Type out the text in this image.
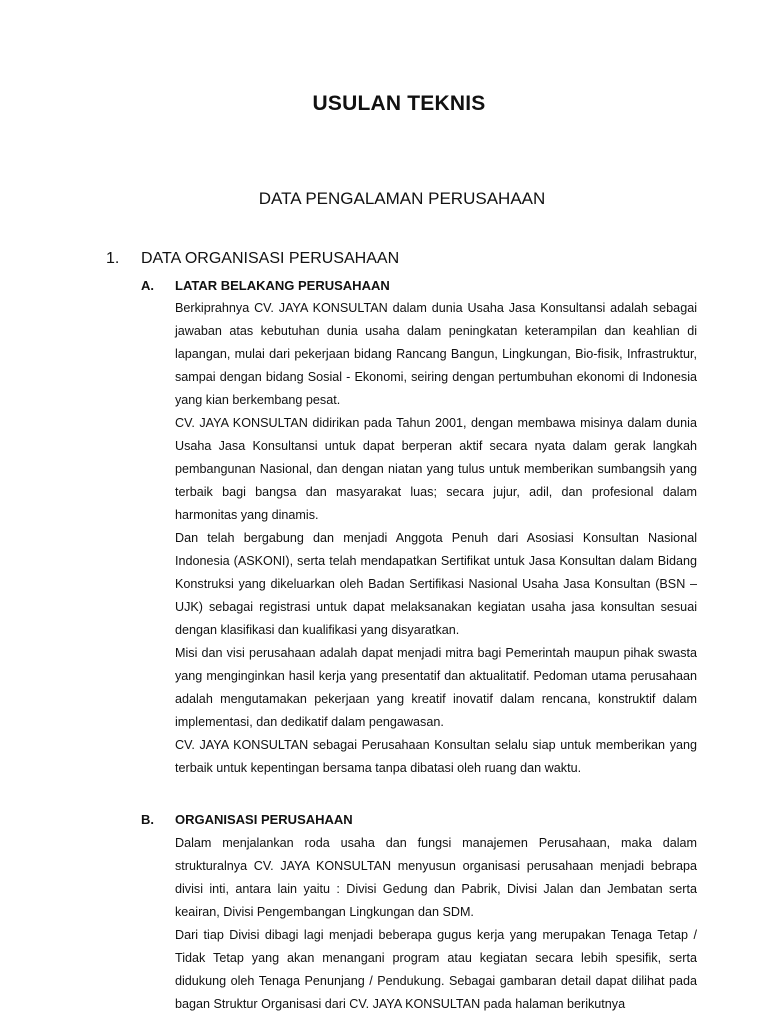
USULAN TEKNIS
DATA PENGALAMAN PERUSAHAAN
1. DATA ORGANISASI PERUSAHAAN
A. LATAR BELAKANG PERUSAHAAN

Berkiprahnya CV. JAYA KONSULTAN dalam dunia Usaha Jasa Konsultansi adalah sebagai jawaban atas kebutuhan dunia usaha dalam peningkatan keterampilan dan keahlian di lapangan, mulai dari pekerjaan bidang Rancang Bangun, Lingkungan, Bio-fisik, Infrastruktur, sampai dengan bidang Sosial - Ekonomi, seiring dengan pertumbuhan ekonomi di Indonesia yang kian berkembang pesat.

CV. JAYA KONSULTAN didirikan pada Tahun 2001, dengan membawa misinya dalam dunia Usaha Jasa Konsultansi untuk dapat berperan aktif secara nyata dalam gerak langkah pembangunan Nasional, dan dengan niatan yang tulus untuk memberikan sumbangsih yang terbaik bagi bangsa dan masyarakat luas; secara jujur, adil, dan profesional dalam harmonitas yang dinamis.

Dan telah bergabung dan menjadi Anggota Penuh dari Asosiasi Konsultan Nasional Indonesia (ASKONI), serta telah mendapatkan Sertifikat untuk Jasa Konsultan dalam Bidang Konstruksi yang dikeluarkan oleh Badan Sertifikasi Nasional Usaha Jasa Konsultan (BSN – UJK) sebagai registrasi untuk dapat melaksanakan kegiatan usaha jasa konsultan sesuai dengan klasifikasi dan kualifikasi yang disyaratkan.

Misi dan visi perusahaan adalah dapat menjadi mitra bagi Pemerintah maupun pihak swasta yang menginginkan hasil kerja yang presentatif dan aktualitatif. Pedoman utama perusahaan adalah mengutamakan pekerjaan yang kreatif inovatif dalam rencana, konstruktif dalam implementasi, dan dedikatif dalam pengawasan.

CV. JAYA KONSULTAN sebagai Perusahaan Konsultan selalu siap untuk memberikan yang terbaik untuk kepentingan bersama tanpa dibatasi oleh ruang dan waktu.

B. ORGANISASI PERUSAHAAN

Dalam menjalankan roda usaha dan fungsi manajemen Perusahaan, maka dalam strukturalnya CV. JAYA KONSULTAN menyusun organisasi perusahaan menjadi bebrapa divisi inti, antara lain yaitu : Divisi Gedung dan Pabrik, Divisi Jalan dan Jembatan serta keairan, Divisi Pengembangan Lingkungan dan SDM.

Dari tiap Divisi dibagi lagi menjadi beberapa gugus kerja yang merupakan Tenaga Tetap / Tidak Tetap yang akan menangani program atau kegiatan secara lebih spesifik, serta didukung oleh Tenaga Penunjang / Pendukung. Sebagai gambaran detail dapat dilihat pada bagan Struktur Organisasi dari CV. JAYA KONSULTAN pada halaman berikutnya
